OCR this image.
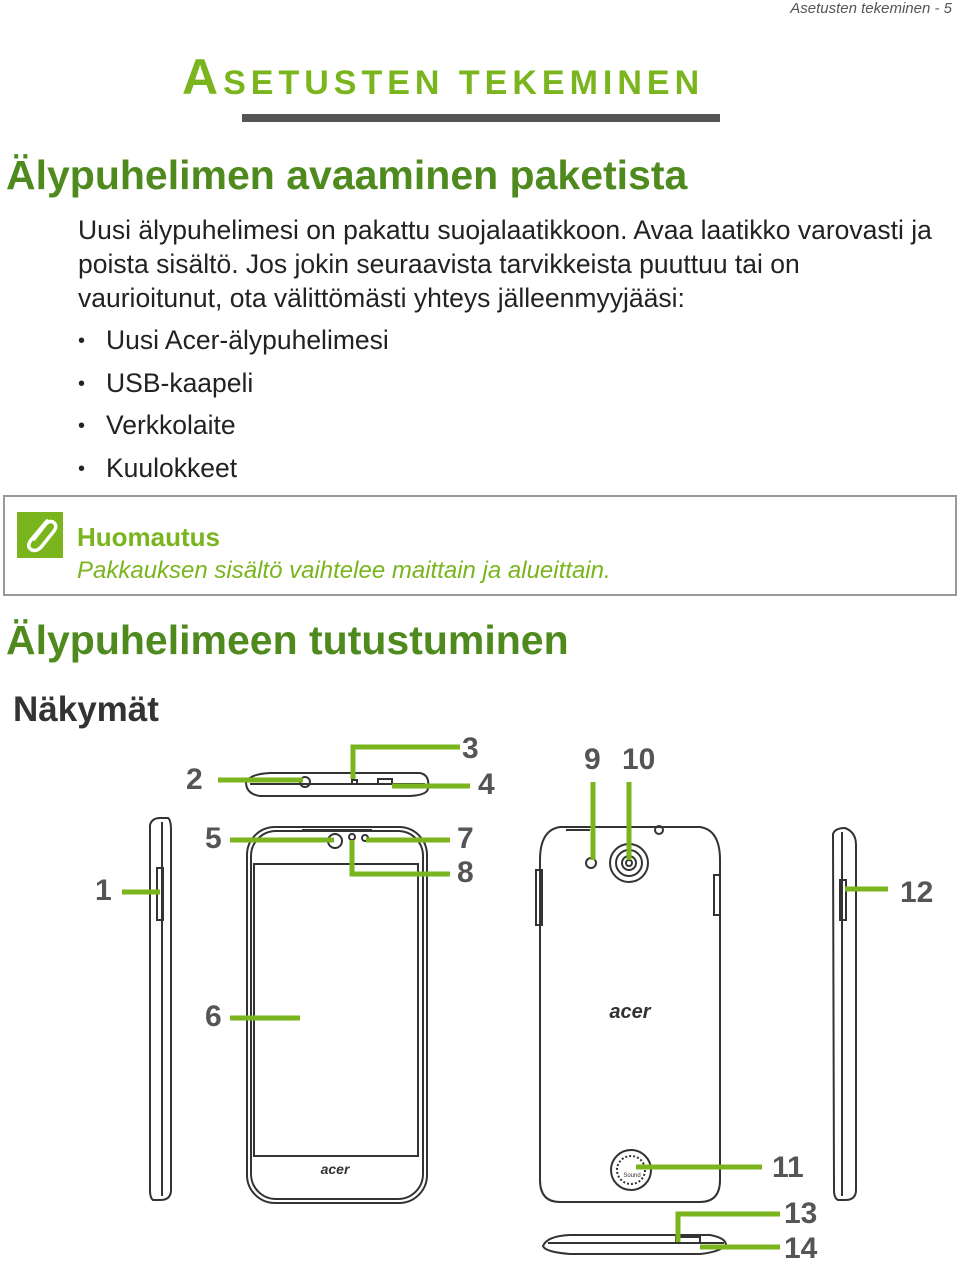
Asetusten tekeminen - 5
ASETUSTEN TEKEMINEN
Älypuhelimen avaaminen paketista

Uusi älypuhelimesi on pakattu suojalaatikkoon. Avaa laatikko varovasti ja poista sisältö. Jos jokin seuraavista tarvikkeista puuttuu tai on vaurioitunut, ota välittömästi yhteys jälleenmyyjääsi:

• Uusi Acer-älypuhelimesi
• USB-kaapeli
• Verkkolaite
• Kuulokkeet
Huomautus
Pakkauksen sisältö vaihtelee maittain ja alueittain.
Älypuhelimeen tutustuminen
Näkymät
acer
acer
Sound
1
2
3
4
5
6
7
8
9 10
11
12
13
14
